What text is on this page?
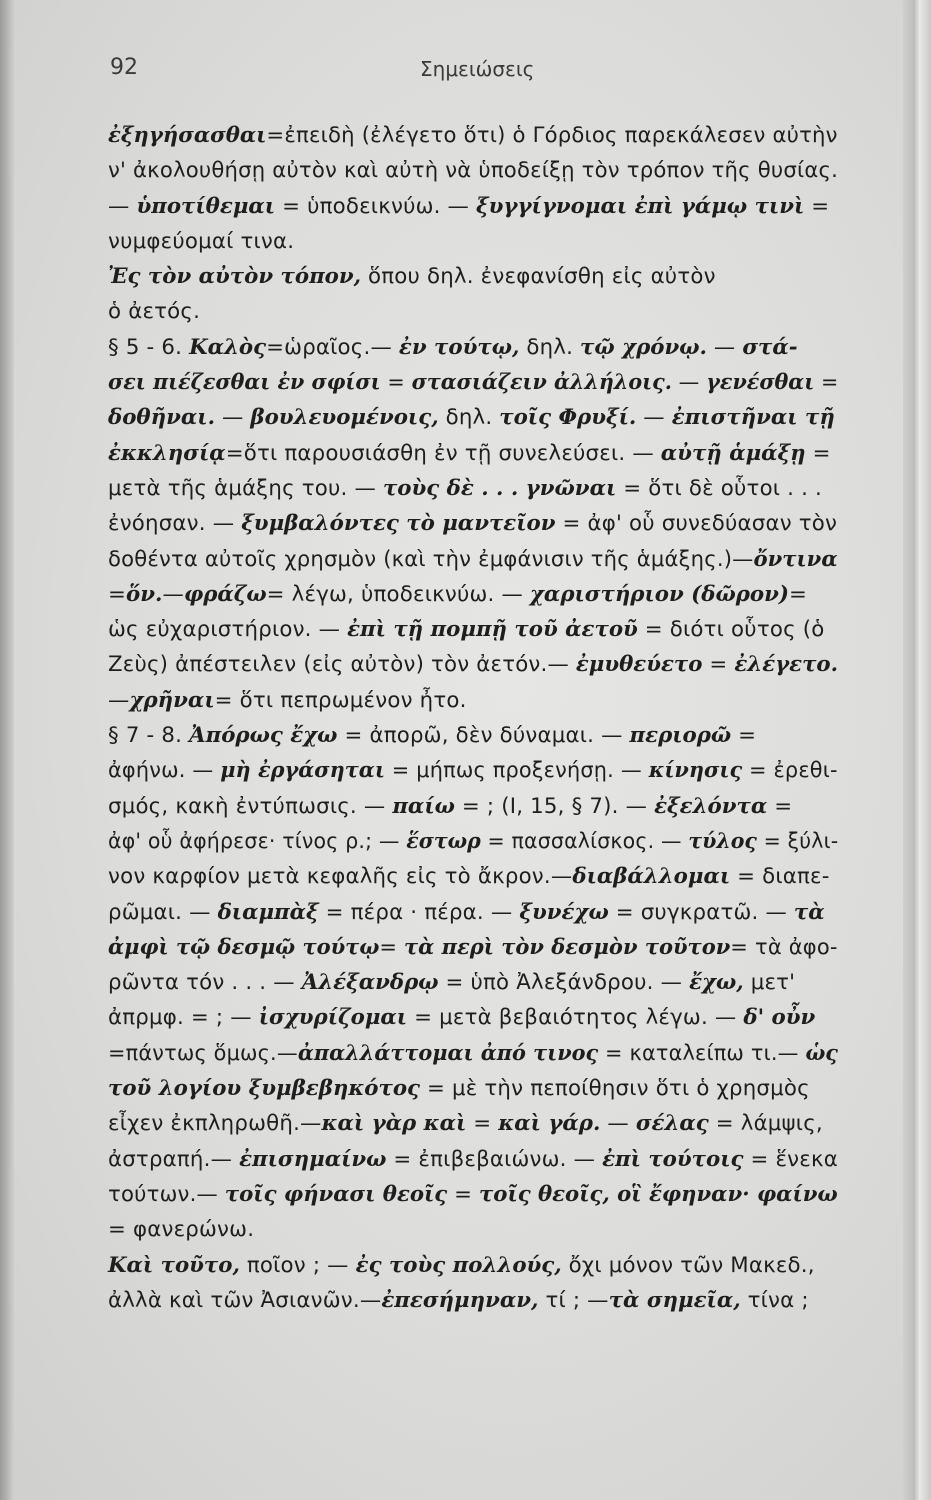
92	Σημειώσεις
ἐξηγήσασθαι=ἐπειδὴ (ἐλέγετο ὅτι) ὁ Γόρδιος παρεκάλεσεν αὐτὴν
ν' ἀκολουθήσῃ αὐτὸν καὶ αὐτὴ νὰ ὑποδείξῃ τὸν τρόπον τῆς θυσίας.
— ὑποτίθεμαι = ὑποδεικνύω. — ξυγγίγνομαι ἐπὶ γάμῳ τινὶ =
νυμφεύομαί τινα.
Ἐς τὸν αὐτὸν τόπον, ὅπου δηλ. ἐνεφανίσθη εἰς αὐτὸν
ὁ ἀετός.
§ 5 - 6. Καλὸς=ὡραῖος.— ἐν τούτῳ, δηλ. τῷ χρόνῳ. — στά-
σει πιέζεσθαι ἐν σφίσι = στασιάζειν ἀλλήλοις. — γενέσθαι =
δοθῆναι. — βουλευομένοις, δηλ. τοῖς Φρυξί. — ἐπιστῆναι τῇ
ἐκκλησίᾳ=ὅτι παρουσιάσθη ἐν τῇ συνελεύσει. — αὐτῇ ἁμάξῃ =
μετὰ τῆς ἁμάξης του. — τοὺς δὲ . . . γνῶναι = ὅτι δὲ οὗτοι . . .
ἐνόησαν. — ξυμβαλόντες τὸ μαντεῖον = ἀφ' οὗ συνεδύασαν τὸν
δοθέντα αὐτοῖς χρησμὸν (καὶ τὴν ἐμφάνισιν τῆς ἁμάξης.)—ὄντινα
=ὅν.—φράζω= λέγω, ὑποδεικνύω. — χαριστήριον (δῶρον)=
ὡς εὐχαριστήριον. — ἐπὶ τῇ πομπῇ τοῦ ἀετοῦ = διότι οὗτος (ὁ
Ζεὺς) ἀπέστειλεν (εἰς αὐτὸν) τὸν ἀετόν.— ἐμυθεύετο = ἐλέγετο.
—χρῆναι= ὅτι πεπρωμένον ἦτο.
§ 7 - 8. Ἀπόρως ἔχω = ἀπορῶ, δὲν δύναμαι. — περιορῶ =
ἀφήνω. — μὴ ἐργάσηται = μήπως προξενήσῃ. — κίνησις = ἐρεθι-
σμός, κακὴ ἐντύπωσις. — παίω = ; (I, 15, § 7). — ἐξελόντα =
ἀφ' οὗ ἀφήρεσε· τίνος ρ.; — ἕστωρ = πασσαλίσκος. — τύλος = ξύλι-
νον καρφίον μετὰ κεφαλῆς εἰς τὸ ἄκρον.—διαβάλλομαι = διαπε-
ρῶμαι. — διαμπὰξ = πέρα · πέρα. — ξυνέχω = συγκρατῶ. — τὰ
ἀμφὶ τῷ δεσμῷ τούτῳ= τὰ περὶ τὸν δεσμὸν τοῦτον= τὰ ἀφο-
ρῶντα τόν . . . — Ἀλέξανδρῳ = ὑπὸ Ἀλεξάνδρου. — ἔχω, μετ'
ἀπρμφ. = ; — ἰσχυρίζομαι = μετὰ βεβαιότητος λέγω. — δ' οὖν
=πάντως ὅμως.—ἀπαλλάττομαι ἀπό τινος = καταλείπω τι.— ὡς
τοῦ λογίου ξυμβεβηκότος = μὲ τὴν πεποίθησιν ὅτι ὁ χρησμὸς
εἶχεν ἐκπληρωθῆ.—καὶ γὰρ καὶ = καὶ γάρ. — σέλας = λάμψις,
ἀστραπή.— ἐπισημαίνω = ἐπιβεβαιώνω. — ἐπὶ τούτοις = ἕνεκα
τούτων.— τοῖς φήνασι θεοῖς = τοῖς θεοῖς, οἳ ἔφηναν· φαίνω
= φανερώνω.
Καὶ τοῦτο, ποῖον ; — ἐς τοὺς πολλούς, ὄχι μόνον τῶν Μακεδ.,
ἀλλὰ καὶ τῶν Ἀσιανῶν.—ἐπεσήμηναν, τί ; —τὰ σημεῖα, τίνα ;
